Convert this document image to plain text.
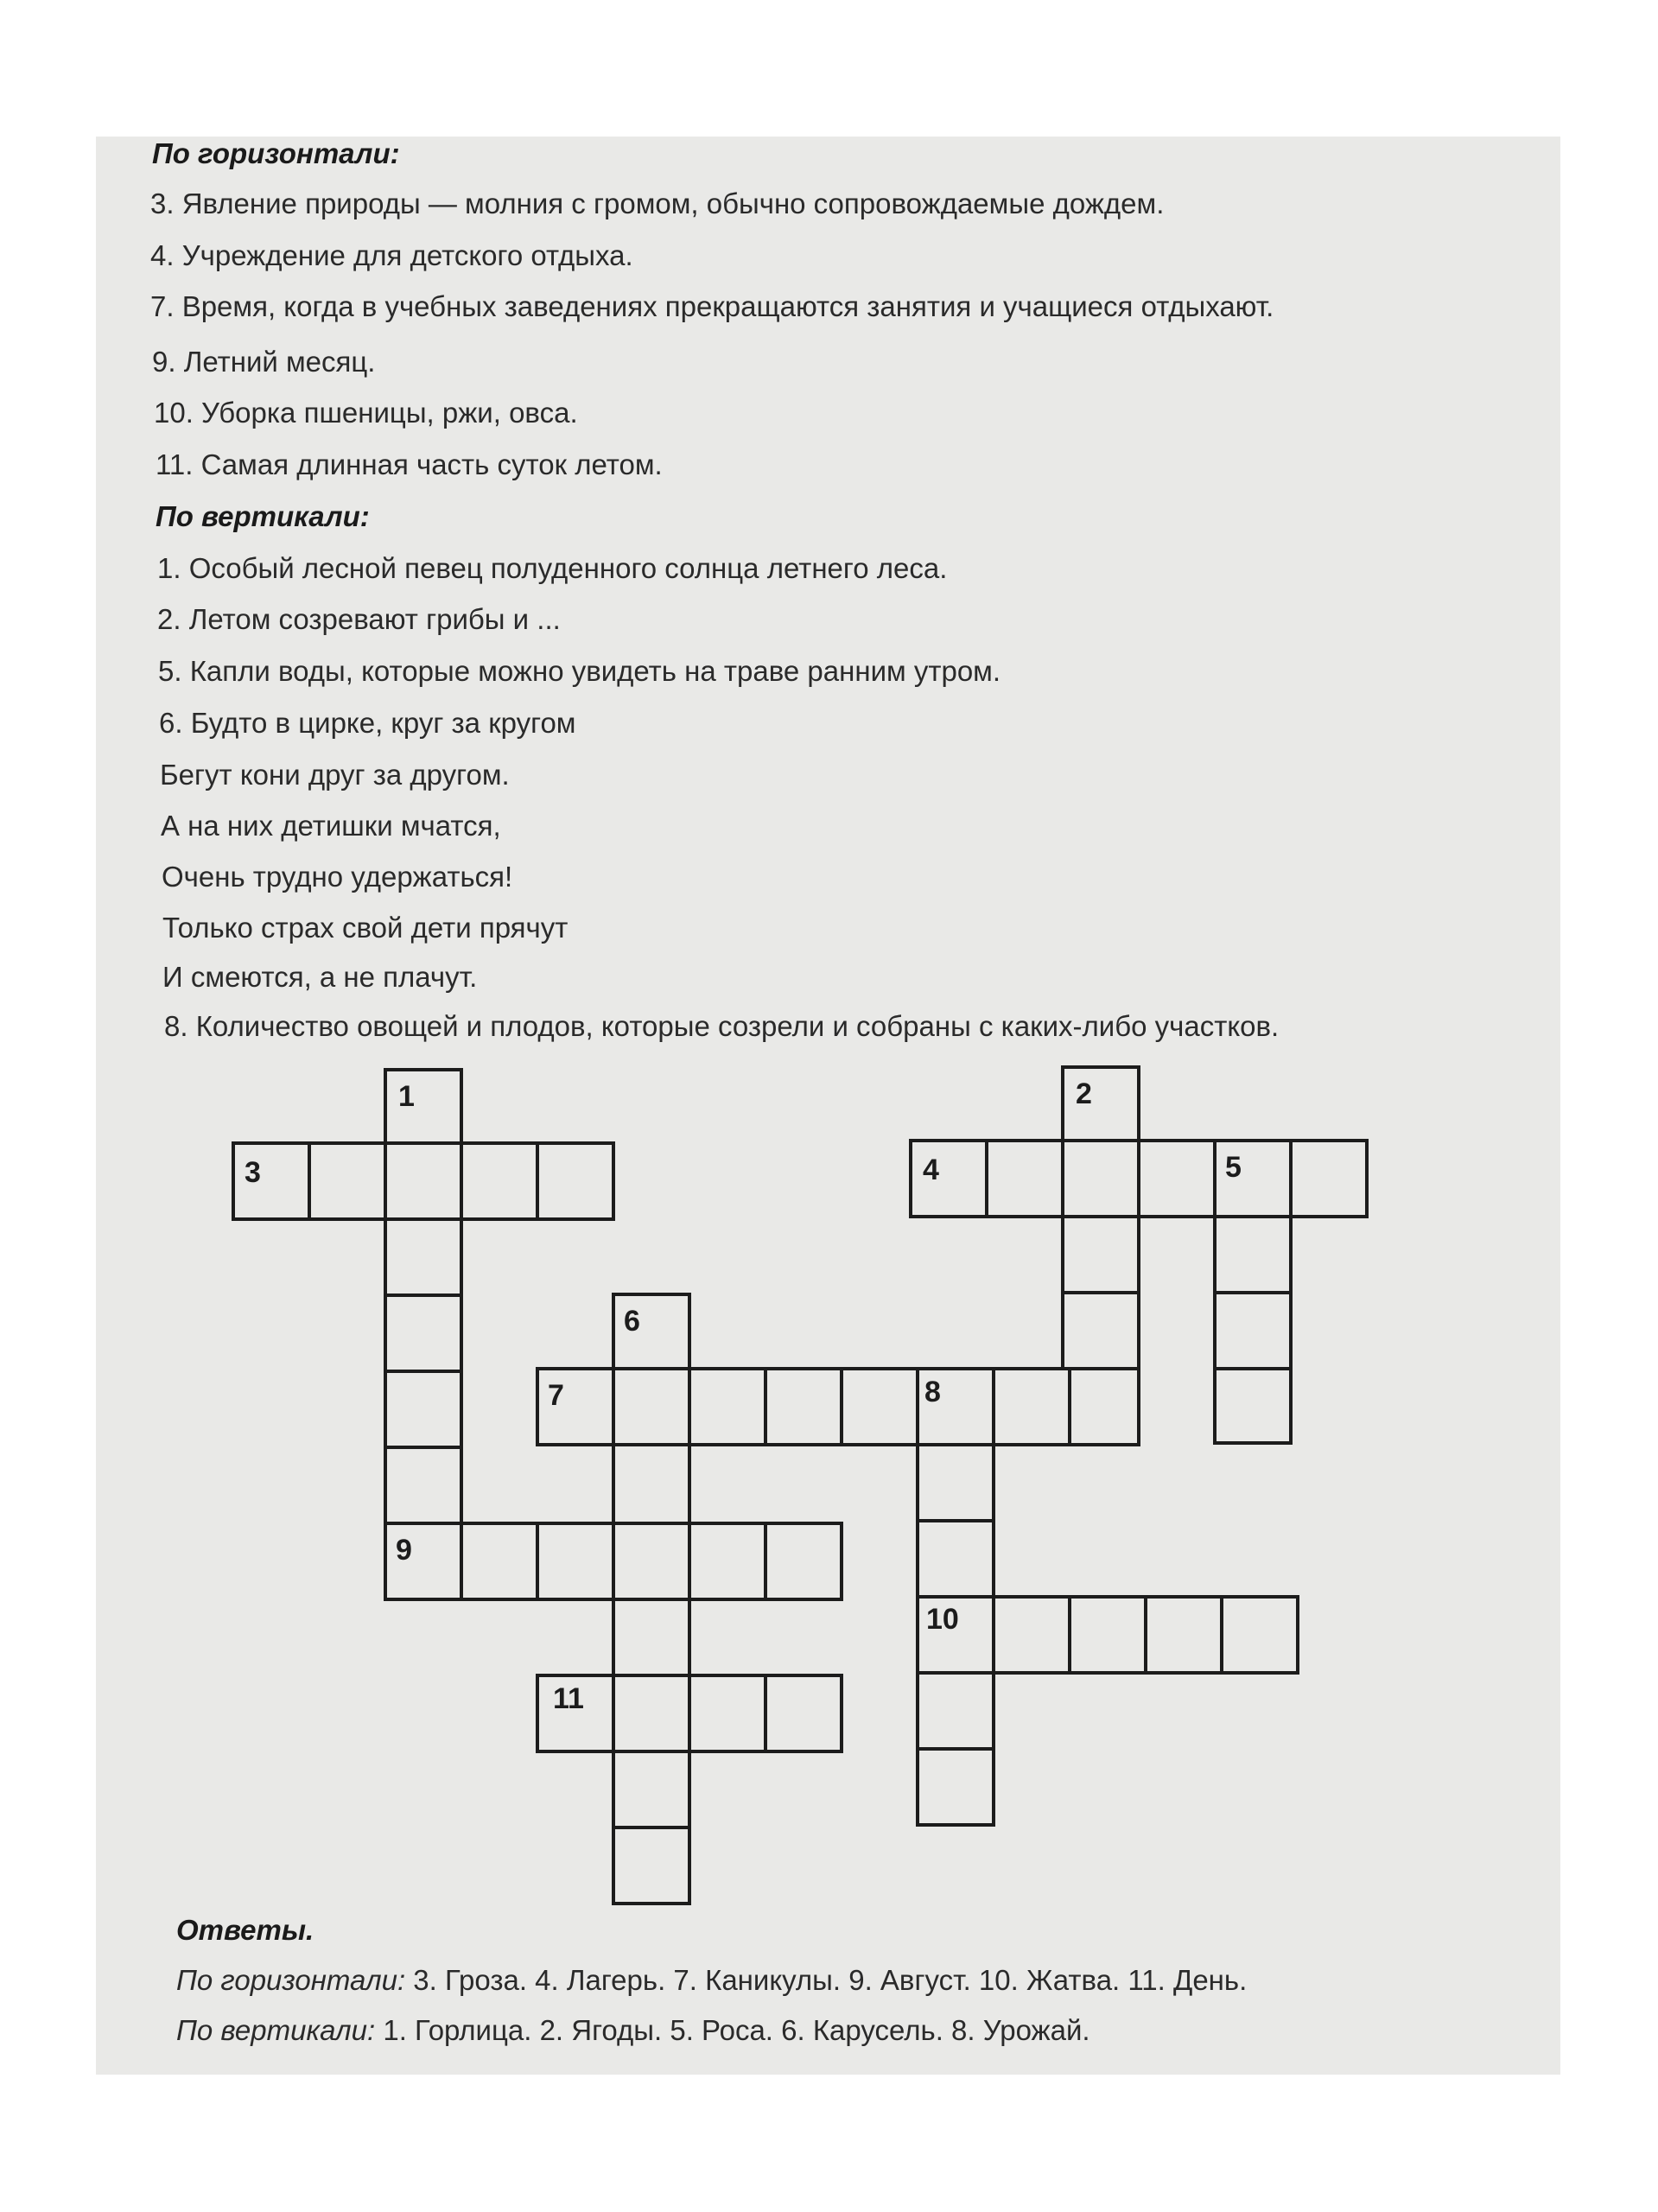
По горизонтали:
3. Явление природы — молния с громом, обычно сопровождаемые дождем.
4. Учреждение для детского отдыха.
7. Время, когда в учебных заведениях прекращаются занятия и учащиеся отдыхают.
9. Летний месяц.
10. Уборка пшеницы, ржи, овса.
11. Самая длинная часть суток летом.
По вертикали:
1. Особый лесной певец полуденного солнца летнего леса.
2. Летом созревают грибы и ...
5. Капли воды, которые можно увидеть на траве ранним утром.
6. Будто в цирке, круг за кругом
Бегут кони друг за другом.
А на них детишки мчатся,
Очень трудно удержаться!
Только страх свой дети прячут
И смеются, а не плачут.
8. Количество овощей и плодов, которые созрели и собраны с каких-либо участков.
1	2
3	4	5
6
7	8
9
10
11
Ответы.
По горизонтали: 3. Гроза. 4. Лагерь. 7. Каникулы. 9. Август. 10. Жатва. 11. День.
По вертикали: 1. Горлица. 2. Ягоды. 5. Роса. 6. Карусель. 8. Урожай.
